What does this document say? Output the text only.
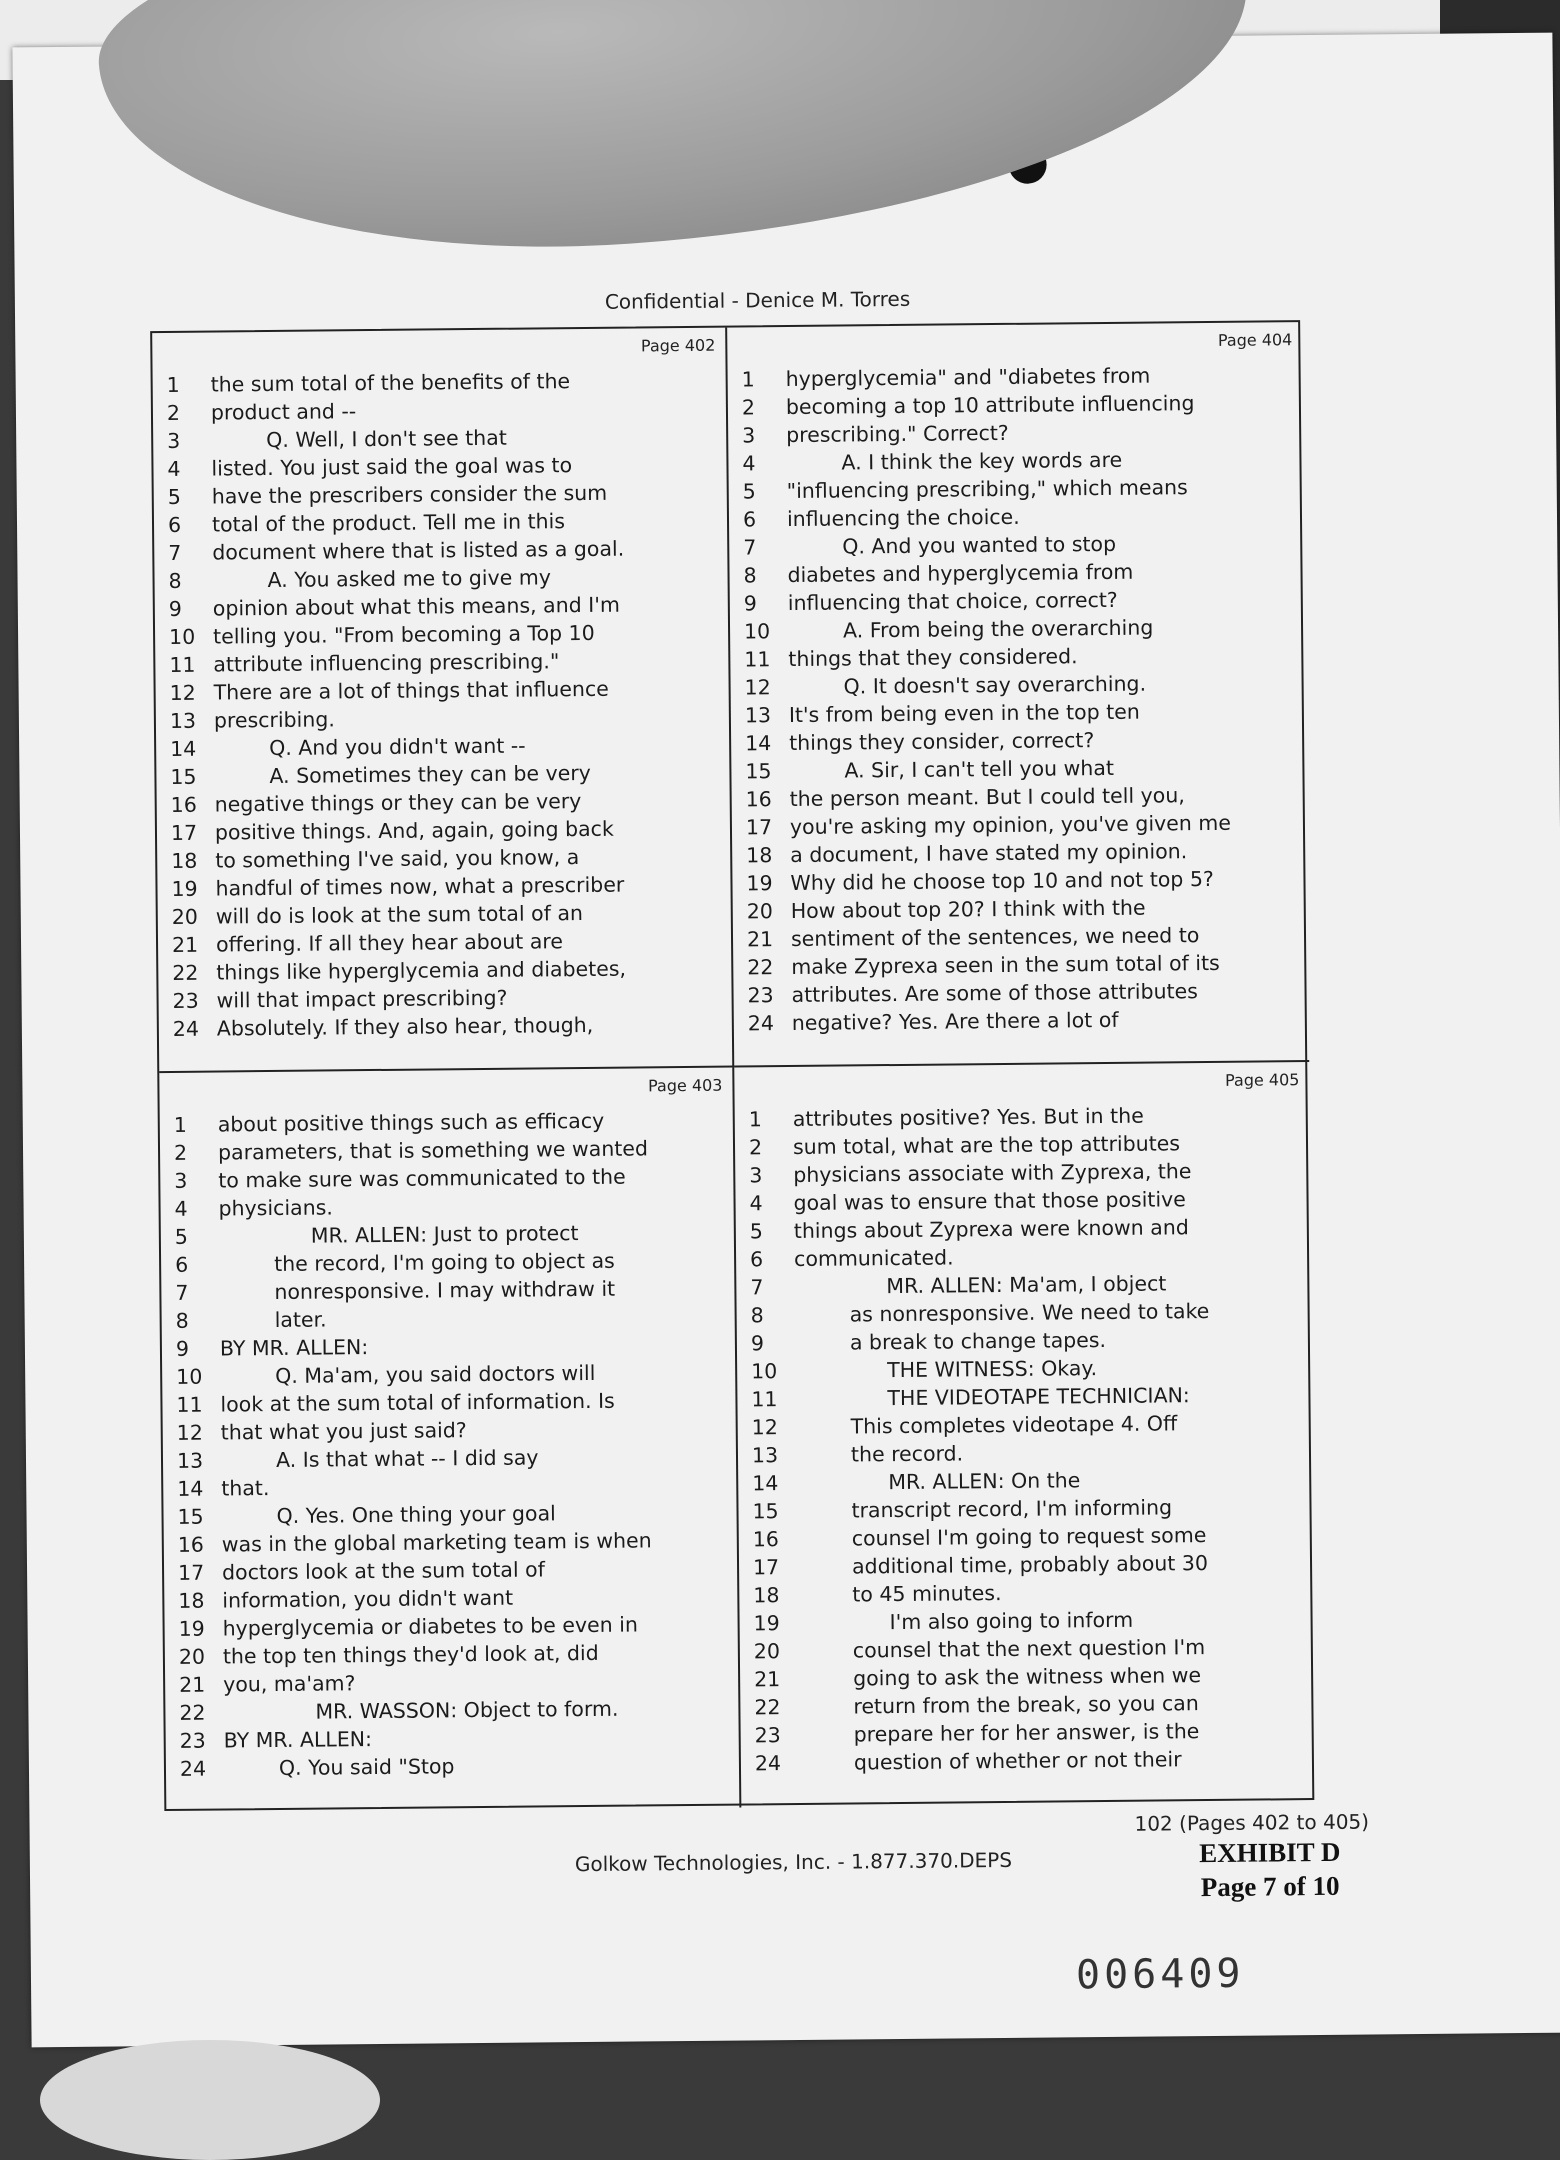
Confidential - Denice M. Torres
Page 402
1	the sum total of the benefits of the
2	product and --
3	Q. Well, I don't see that
4	listed. You just said the goal was to
5	have the prescribers consider the sum
6	total of the product. Tell me in this
7	document where that is listed as a goal.
8	A. You asked me to give my
9	opinion about what this means, and I'm
10 telling you. "From becoming a Top 10
11 attribute influencing prescribing."
12 There are a lot of things that influence
13 prescribing.
14	Q. And you didn't want --
15	A. Sometimes they can be very
16 negative things or they can be very
17 positive things. And, again, going back
18 to something I've said, you know, a
19 handful of times now, what a prescriber
20 will do is look at the sum total of an
21 offering. If all they hear about are
22 things like hyperglycemia and diabetes,
23 will that impact prescribing?
24 Absolutely. If they also hear, though,
Page 404
1	hyperglycemia" and "diabetes from
2	becoming a top 10 attribute influencing
3	prescribing." Correct?
4	A. I think the key words are
5	"influencing prescribing," which means
6	influencing the choice.
7	Q. And you wanted to stop
8	diabetes and hyperglycemia from
9	influencing that choice, correct?
10	A. From being the overarching
11 things that they considered.
12	Q. It doesn't say overarching.
13 It's from being even in the top ten
14 things they consider, correct?
15	A. Sir, I can't tell you what
16 the person meant. But I could tell you,
17 you're asking my opinion, you've given me
18 a document, I have stated my opinion.
19 Why did he choose top 10 and not top 5?
20 How about top 20? I think with the
21 sentiment of the sentences, we need to
22 make Zyprexa seen in the sum total of its
23 attributes. Are some of those attributes
24 negative? Yes. Are there a lot of
Page 403
1	about positive things such as efficacy
2	parameters, that is something we wanted
3	to make sure was communicated to the
4	physicians.
5	MR. ALLEN: Just to protect
6	the record, I'm going to object as
7	nonresponsive. I may withdraw it
8	later.
9	BY MR. ALLEN:
10	Q. Ma'am, you said doctors will
11 look at the sum total of information. Is
12 that what you just said?
13	A. Is that what -- I did say
14 that.
15	Q. Yes. One thing your goal
16 was in the global marketing team is when
17 doctors look at the sum total of
18 information, you didn't want
19 hyperglycemia or diabetes to be even in
20 the top ten things they'd look at, did
21 you, ma'am?
22	MR. WASSON: Object to form.
23 BY MR. ALLEN:
24	Q. You said "Stop
Page 405
1	attributes positive? Yes. But in the
2	sum total, what are the top attributes
3	physicians associate with Zyprexa, the
4	goal was to ensure that those positive
5	things about Zyprexa were known and
6	communicated.
7	MR. ALLEN: Ma'am, I object
8	as nonresponsive. We need to take
9	a break to change tapes.
10	THE WITNESS: Okay.
11	THE VIDEOTAPE TECHNICIAN:
12	This completes videotape 4. Off
13	the record.
14	MR. ALLEN: On the
15	transcript record, I'm informing
16	counsel I'm going to request some
17	additional time, probably about 30
18	to 45 minutes.
19	I'm also going to inform
20	counsel that the next question I'm
21	going to ask the witness when we
22	return from the break, so you can
23	prepare her for her answer, is the
24	question of whether or not their
102 (Pages 402 to 405)
Golkow Technologies, Inc. - 1.877.370.DEPS	EXHIBIT D
Page 7 of 10
006409
